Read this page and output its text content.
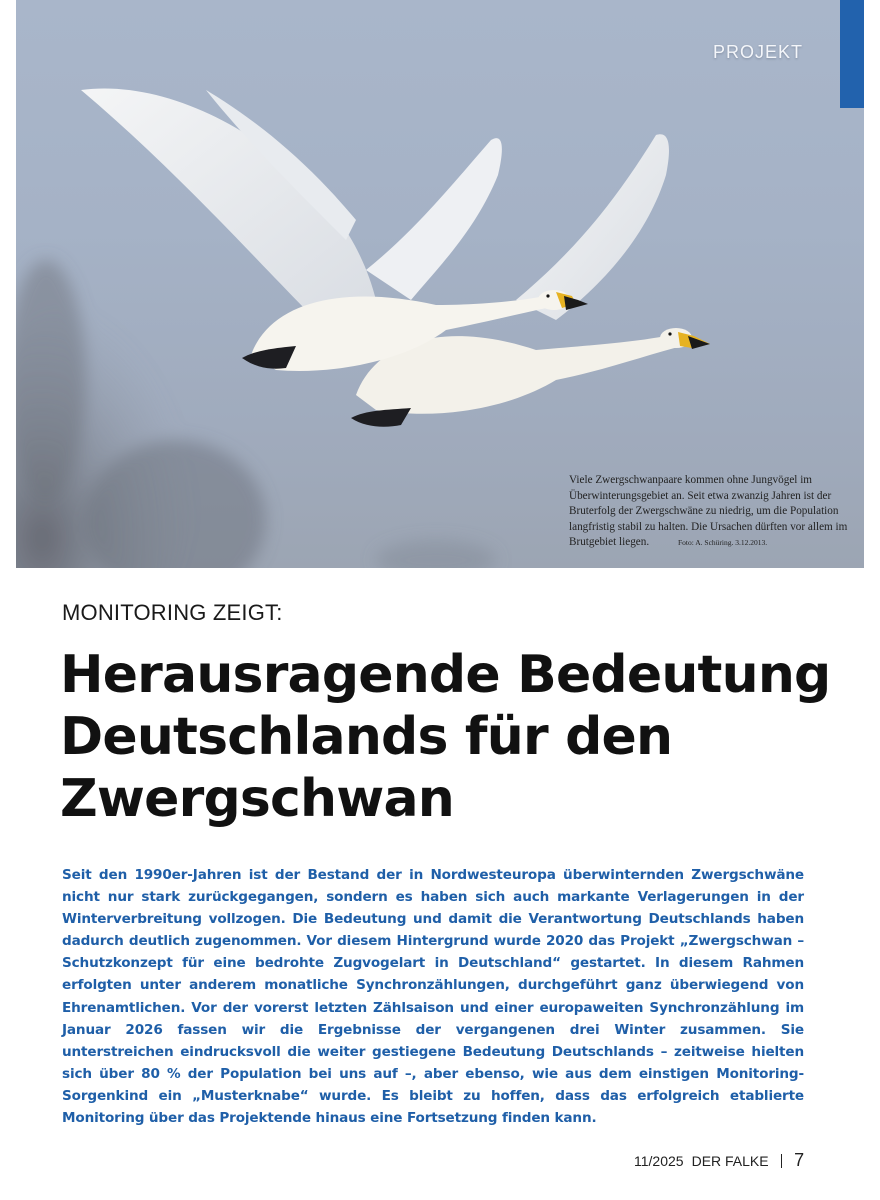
Viele Zwergschwanpaare kommen ohne Jungvögel im Überwinterungsgebiet an. Seit etwa zwanzig Jahren ist der Bruterfolg der Zwergschwäne zu niedrig, um die Population langfristig stabil zu halten. Die Ursachen dürften vor allem im Brutgebiet liegen.	Foto: A. Schüring. 3.12.2013.
PROJEKT
MONITORING ZEIGT:
Herausragende Bedeutung Deutschlands für den Zwergschwan

Seit den 1990er-Jahren ist der Bestand der in Nordwesteuropa überwinternden Zwergschwäne nicht nur stark zurückgegangen, sondern es haben sich auch markante Verlagerungen in der Winterverbreitung vollzogen. Die Bedeutung und damit die Verantwortung Deutschlands haben dadurch deutlich zugenommen. Vor diesem Hintergrund wurde 2020 das Projekt „Zwergschwan – Schutzkonzept für eine bedrohte Zugvogelart in Deutschland“ gestartet. In diesem Rahmen erfolgten unter anderem monatliche Synchronzählungen, durchgeführt ganz überwiegend von Ehrenamtlichen. Vor der vorerst letzten Zählsaison und einer europaweiten Synchronzählung im Januar 2026 fassen wir die Ergebnisse der vergangenen drei Winter zusammen. Sie unterstreichen eindrucksvoll die weiter gestiegene Bedeutung Deutschlands – zeitweise hielten sich über 80 % der Population bei uns auf –, aber ebenso, wie aus dem einstigen Monitoring-Sorgenkind ein „Musterknabe“ wurde. Es bleibt zu hoffen, dass das erfolgreich etablierte Monitoring über das Projektende hinaus eine Fortsetzung finden kann.

11/2025 DER FALKE 7
